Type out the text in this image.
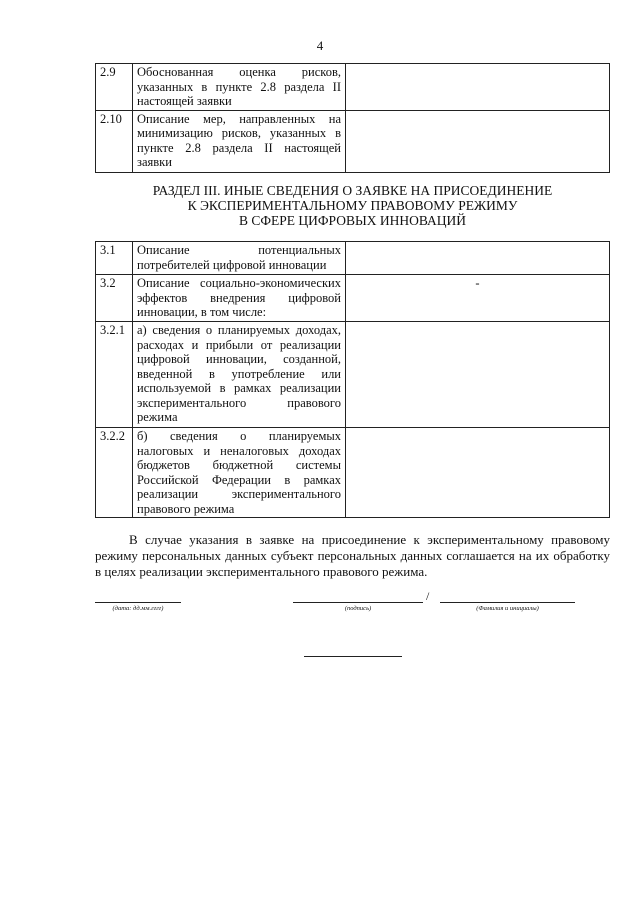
4
2.9	Обоснованная оценка рисков, указанных в пункте 2.8 раздела II настоящей заявки	
2.10	Описание мер, направленных на минимизацию рисков, указанных в пункте 2.8 раздела II настоящей заявки	
РАЗДЕЛ III. ИНЫЕ СВЕДЕНИЯ О ЗАЯВКЕ НА ПРИСОЕДИНЕНИЕ
К ЭКСПЕРИМЕНТАЛЬНОМУ ПРАВОВОМУ РЕЖИМУ
В СФЕРЕ ЦИФРОВЫХ ИННОВАЦИЙ
3.1	Описание потенциальных потребителей цифровой инновации	
3.2	Описание социально-экономических эффектов внедрения цифровой инновации, в том числе:	-
3.2.1	а) сведения о планируемых доходах, расходах и прибыли от реализации цифровой инновации, созданной, введенной в употребление или используемой в рамках реализации экспериментального правового режима	
3.2.2	б) сведения о планируемых налоговых и неналоговых доходах бюджетов бюджетной системы Российской Федерации в рамках реализации экспериментального правового режима	
В случае указания в заявке на присоединение к экспериментальному правовому режиму персональных данных субъект персональных данных соглашается на их обработку в целях реализации экспериментального правового режима.
(дата: дд.мм.гггг)	(подпись)
/
(Фамилия и инициалы)
